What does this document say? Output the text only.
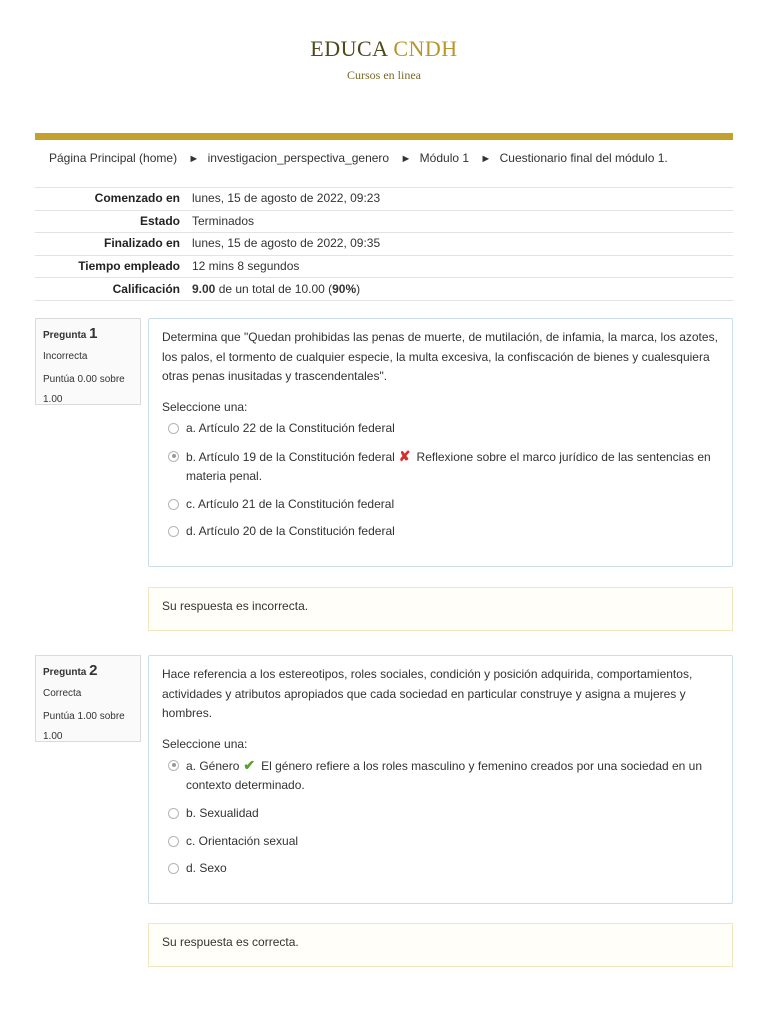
EDUCA CNDH
Cursos en linea
Página Principal (home) ► investigacion_perspectiva_genero ► Módulo 1 ► Cuestionario final del módulo 1.
Comenzado en	lunes, 15 de agosto de 2022, 09:23
Estado	Terminados
Finalizado en	lunes, 15 de agosto de 2022, 09:35
Tiempo empleado	12 mins 8 segundos
Calificación	9.00 de un total de 10.00 (90%)
Pregunta 1
Incorrecta
Puntúa 0.00 sobre 1.00
Determina que "Quedan prohibidas las penas de muerte, de mutilación, de infamia, la marca, los azotes, los palos, el tormento de cualquier especie, la multa excesiva, la confiscación de bienes y cualesquiera otras penas inusitadas y trascendentales".
Seleccione una:
a. Artículo 22 de la Constitución federal
b. Artículo 19 de la Constitución federal ✘ Reflexione sobre el marco jurídico de las sentencias en materia penal.
c. Artículo 21 de la Constitución federal
d. Artículo 20 de la Constitución federal
Su respuesta es incorrecta.
Pregunta 2
Correcta
Puntúa 1.00 sobre 1.00
Hace referencia a los estereotipos, roles sociales, condición y posición adquirida, comportamientos, actividades y atributos apropiados que cada sociedad en particular construye y asigna a mujeres y hombres.
Seleccione una:
a. Género ✔ El género refiere a los roles masculino y femenino creados por una sociedad en un contexto determinado.
b. Sexualidad
c. Orientación sexual
d. Sexo
Su respuesta es correcta.
